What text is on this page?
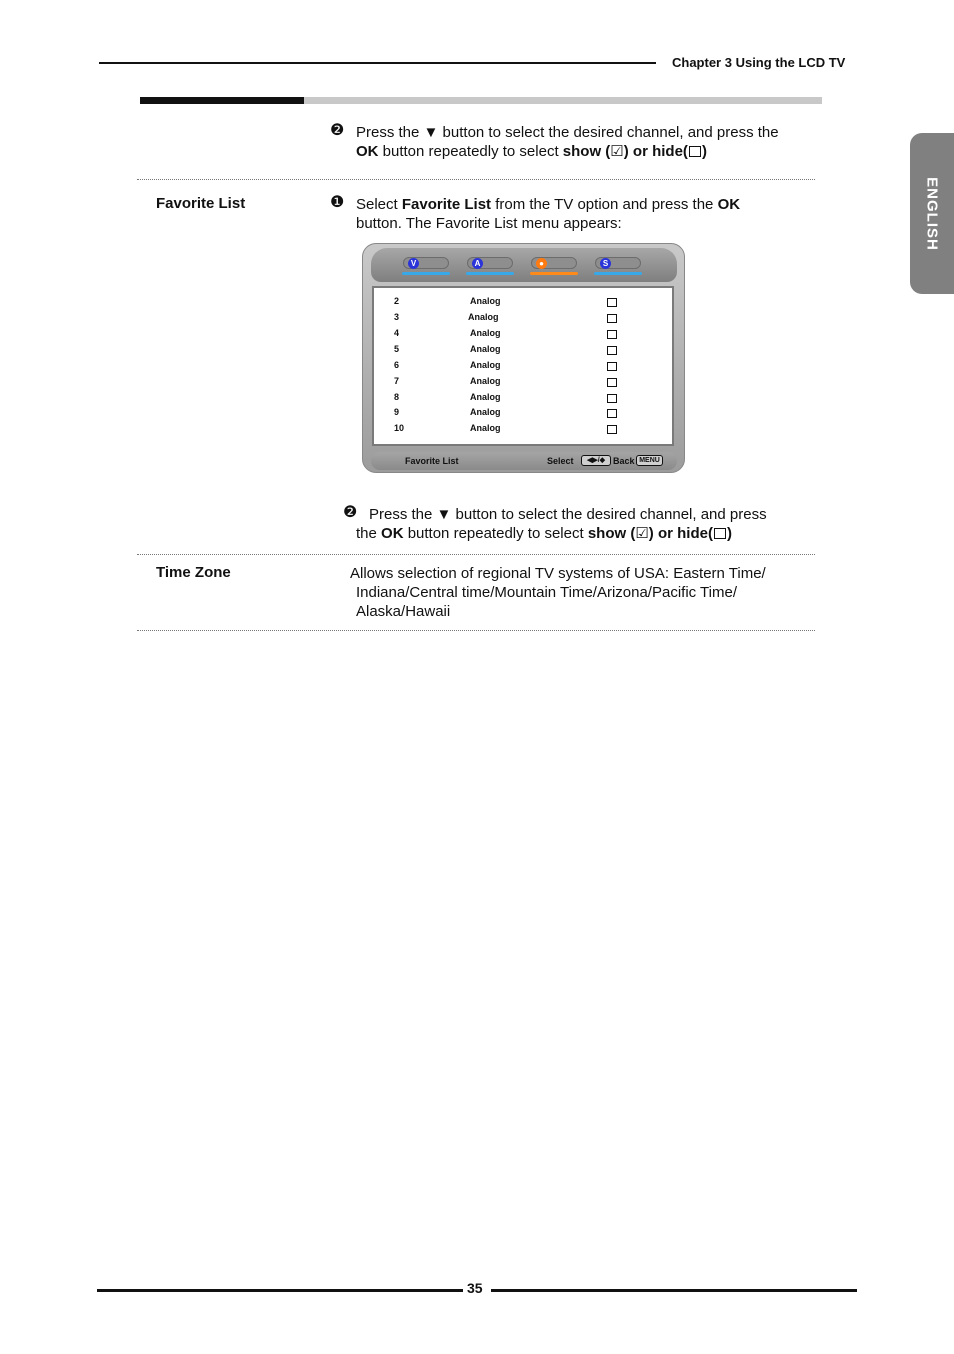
Chapter 3 Using the LCD TV
ENGLISH
❷ Press the ▼ button to select the desired channel, and press the
OK button repeatedly to select show (☑) or hide( )
Favorite List	❶ Select Favorite List from the TV option and press the OK
button. The Favorite List menu appears:
V	A	●	S
2	Analog
3	Analog
4	Analog
5	Analog
6	Analog
7	Analog
8	Analog
9	Analog
10	Analog
Favorite List	Select	◀▶/◆ Back MENU
❷ Press the ▼ button to select the desired channel, and press
the OK button repeatedly to select show (☑) or hide( )
Time Zone	Allows selection of regional TV systems of USA: Eastern Time/
Indiana/Central time/Mountain Time/Arizona/Pacific Time/
Alaska/Hawaii
35
